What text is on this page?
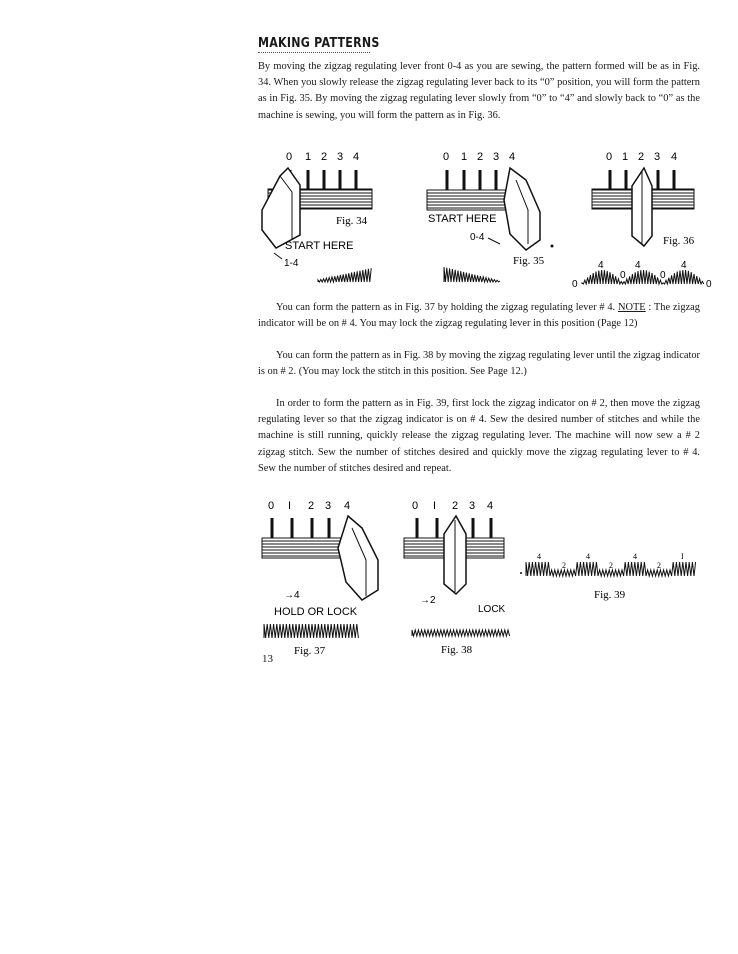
MAKING PATTERNS

By moving the zigzag regulating lever front 0-4 as you are sewing, the pattern formed will be as in Fig. 34. When you slowly release the zigzag regulating lever back to its “0” position, you will form the pattern as in Fig. 35. By moving the zigzag regulating lever slowly from “0” to “4” and slowly back to “0” as the machine is sewing, you will form the pattern as in Fig. 36.

0 1 2 3 4
Fig. 34
START HERE
1-4
0 1 2 3 4
START HERE
0-4
Fig. 35
0 1 2 3 4
Fig. 36
0
4
0
4
0
4
0
0 I 2 3 4
→4
HOLD OR LOCK
Fig. 37
0 I 2 3 4
→2
LOCK
Fig. 38
4	4	4	I
2	2	2
Fig. 39

You can form the pattern as in Fig. 37 by holding the zigzag regulating lever # 4. NOTE : The zigzag indicator will be on # 4. You may lock the zigzag regulating lever in this position (Page 12)

You can form the pattern as in Fig. 38 by moving the zigzag regulating lever until the zigzag indicator is on # 2. (You may lock the stitch in this position. See Page 12.)

In order to form the pattern as in Fig. 39, first lock the zigzag indicator on # 2, then move the zigzag regulating lever so that the zigzag indicator is on # 4. Sew the desired number of stitches and while the machine is still running, quickly release the zigzag regulating lever. The machine will now sew a # 2 zigzag stitch. Sew the number of stitches desired and quickly move the zigzag regulating lever to # 4. Sew the number of stitches desired and repeat.

13
